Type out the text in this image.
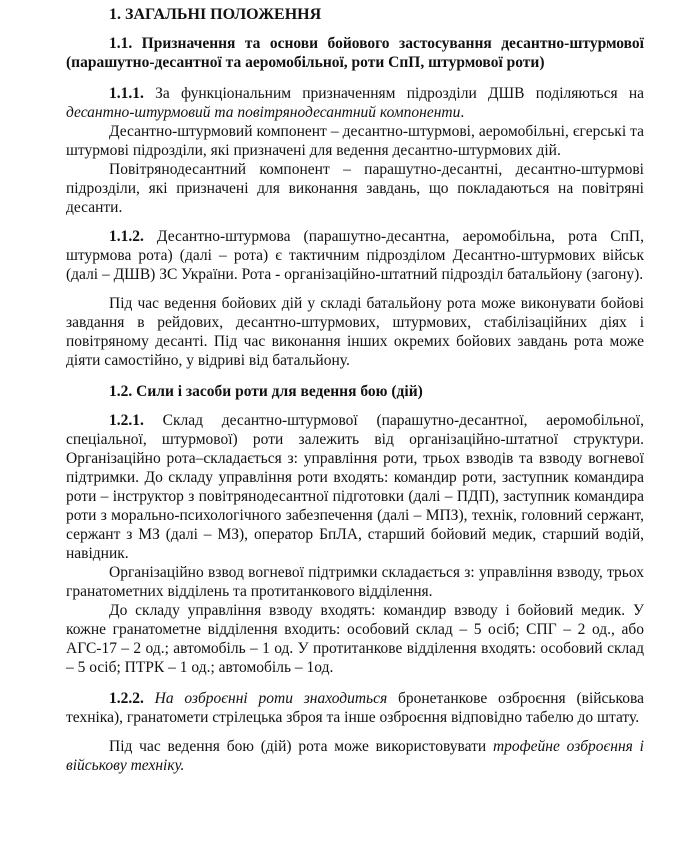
1. ЗАГАЛЬНІ ПОЛОЖЕННЯ
1.1. Призначення та основи бойового застосування десантно-штурмової (парашутно-десантної та аеромобільної, роти СпП, штурмової роти)

1.1.1. За функціональним призначенням підрозділи ДШВ поділяються на десантно-штурмовий та повітрянодесантний компоненти.

Десантно-штурмовий компонент – десантно-штурмові, аеромобільні, єгерські та штурмові підрозділи, які призначені для ведення десантно-штурмових дій.

Повітрянодесантний компонент – парашутно-десантні, десантно-штурмові підрозділи, які призначені для виконання завдань, що покладаються на повітряні десанти.

1.1.2. Десантно-штурмова (парашутно-десантна, аеромобільна, рота СпП, штурмова рота) (далі – рота) є тактичним підрозділом Десантно-штурмових військ (далі – ДШВ) ЗС України. Рота - організаційно-штатний підрозділ батальйону (загону).

Під час ведення бойових дій у складі батальйону рота може виконувати бойові завдання в рейдових, десантно-штурмових, штурмових, стабілізаційних діях і повітряному десанті. Під час виконання інших окремих бойових завдань рота може діяти самостійно, у відриві від батальйону.

1.2. Сили і засоби роти для ведення бою (дій)

1.2.1. Склад десантно-штурмової (парашутно-десантної, аеромобільної, спеціальної, штурмової) роти залежить від організаційно-штатної структури. Організаційно рота–складається з: управління роти, трьох взводів та взводу вогневої підтримки. До складу управління роти входять: командир роти, заступник командира роти – інструктор з повітрянодесантної підготовки (далі – ПДП), заступник командира роти з морально-психологічного забезпечення (далі – МПЗ), технік, головний сержант, сержант з МЗ (далі – МЗ), оператор БпЛА, старший бойовий медик, старший водій, навідник.

Організаційно взвод вогневої підтримки складається з: управління взводу, трьох гранатометних відділень та протитанкового відділення.

До складу управління взводу входять: командир взводу і бойовий медик. У кожне гранатометне відділення входить: особовий склад – 5 осіб; СПГ – 2 од., або АГС-17 – 2 од.; автомобіль – 1 од. У протитанкове відділення входять: особовий склад – 5 осіб; ПТРК – 1 од.; автомобіль – 1од.

1.2.2. На озброєнні роти знаходиться бронетанкове озброєння (військова техніка), гранатомети стрілецька зброя та інше озброєння відповідно табелю до штату.

Під час ведення бою (дій) рота може використовувати трофейне озброєння і військову техніку.
